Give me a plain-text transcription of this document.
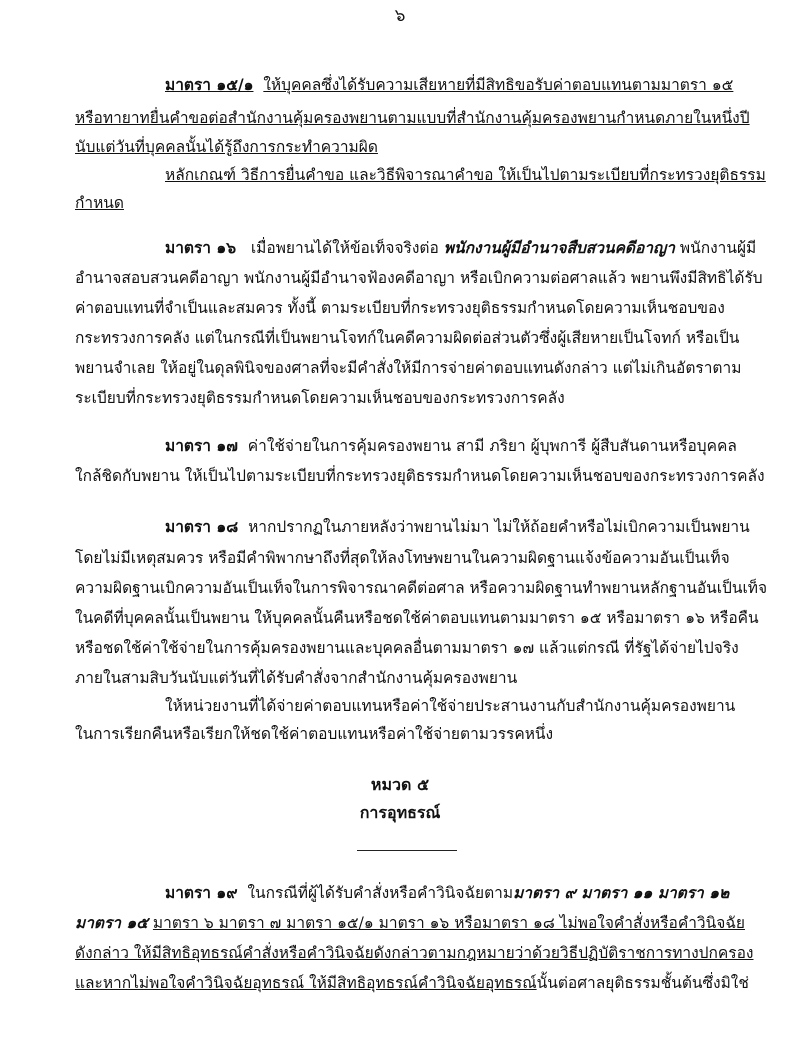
๖
มาตรา ๑๕/๑ ให้บุคคลซึ่งได้รับความเสียหายที่มีสิทธิขอรับค่าตอบแทนตามมาตรา ๑๕
หรือทายาทยื่นคำขอต่อสำนักงานคุ้มครองพยานตามแบบที่สำนักงานคุ้มครองพยานกำหนดภายในหนึ่งปี
นับแต่วันที่บุคคลนั้นได้รู้ถึงการกระทำความผิด
หลักเกณฑ์ วิธีการยื่นคำขอ และวิธีพิจารณาคำขอ ให้เป็นไปตามระเบียบที่กระทรวงยุติธรรม
กำหนด
มาตรา ๑๖ เมื่อพยานได้ให้ข้อเท็จจริงต่อ พนักงานผู้มีอำนาจสืบสวนคดีอาญา พนักงานผู้มี
อำนาจสอบสวนคดีอาญา พนักงานผู้มีอำนาจฟ้องคดีอาญา หรือเบิกความต่อศาลแล้ว พยานพึงมีสิทธิได้รับ
ค่าตอบแทนที่จำเป็นและสมควร ทั้งนี้ ตามระเบียบที่กระทรวงยุติธรรมกำหนดโดยความเห็นชอบของ
กระทรวงการคลัง แต่ในกรณีที่เป็นพยานโจทก์ในคดีความผิดต่อส่วนตัวซึ่งผู้เสียหายเป็นโจทก์ หรือเป็น
พยานจำเลย ให้อยู่ในดุลพินิจของศาลที่จะมีคำสั่งให้มีการจ่ายค่าตอบแทนดังกล่าว แต่ไม่เกินอัตราตาม
ระเบียบที่กระทรวงยุติธรรมกำหนดโดยความเห็นชอบของกระทรวงการคลัง
มาตรา ๑๗ ค่าใช้จ่ายในการคุ้มครองพยาน สามี ภริยา ผู้บุพการี ผู้สืบสันดานหรือบุคคล
ใกล้ชิดกับพยาน ให้เป็นไปตามระเบียบที่กระทรวงยุติธรรมกำหนดโดยความเห็นชอบของกระทรวงการคลัง
มาตรา ๑๘ หากปรากฏในภายหลังว่าพยานไม่มา ไม่ให้ถ้อยคำหรือไม่เบิกความเป็นพยาน
โดยไม่มีเหตุสมควร หรือมีคำพิพากษาถึงที่สุดให้ลงโทษพยานในความผิดฐานแจ้งข้อความอันเป็นเท็จ
ความผิดฐานเบิกความอันเป็นเท็จในการพิจารณาคดีต่อศาล หรือความผิดฐานทำพยานหลักฐานอันเป็นเท็จ
ในคดีที่บุคคลนั้นเป็นพยาน ให้บุคคลนั้นคืนหรือชดใช้ค่าตอบแทนตามมาตรา ๑๕ หรือมาตรา ๑๖ หรือคืน
หรือชดใช้ค่าใช้จ่ายในการคุ้มครองพยานและบุคคลอื่นตามมาตรา ๑๗ แล้วแต่กรณี ที่รัฐได้จ่ายไปจริง
ภายในสามสิบวันนับแต่วันที่ได้รับคำสั่งจากสำนักงานคุ้มครองพยาน
ให้หน่วยงานที่ได้จ่ายค่าตอบแทนหรือค่าใช้จ่ายประสานงานกับสำนักงานคุ้มครองพยาน
ในการเรียกคืนหรือเรียกให้ชดใช้ค่าตอบแทนหรือค่าใช้จ่ายตามวรรคหนึ่ง
หมวด ๕
การอุทธรณ์
มาตรา ๑๙ ในกรณีที่ผู้ได้รับคำสั่งหรือคำวินิจฉัยตามมาตรา ๙ มาตรา ๑๑ มาตรา ๑๒
มาตรา ๑๕ มาตรา ๖ มาตรา ๗ มาตรา ๑๕/๑ มาตรา ๑๖ หรือมาตรา ๑๘ ไม่พอใจคำสั่งหรือคำวินิจฉัย
ดังกล่าว ให้มีสิทธิอุทธรณ์คำสั่งหรือคำวินิจฉัยดังกล่าวตามกฎหมายว่าด้วยวิธีปฏิบัติราชการทางปกครอง
และหากไม่พอใจคำวินิจฉัยอุทธรณ์ ให้มีสิทธิอุทธรณ์คำวินิจฉัยอุทธรณ์นั้นต่อศาลยุติธรรมชั้นต้นซึ่งมิใช่
